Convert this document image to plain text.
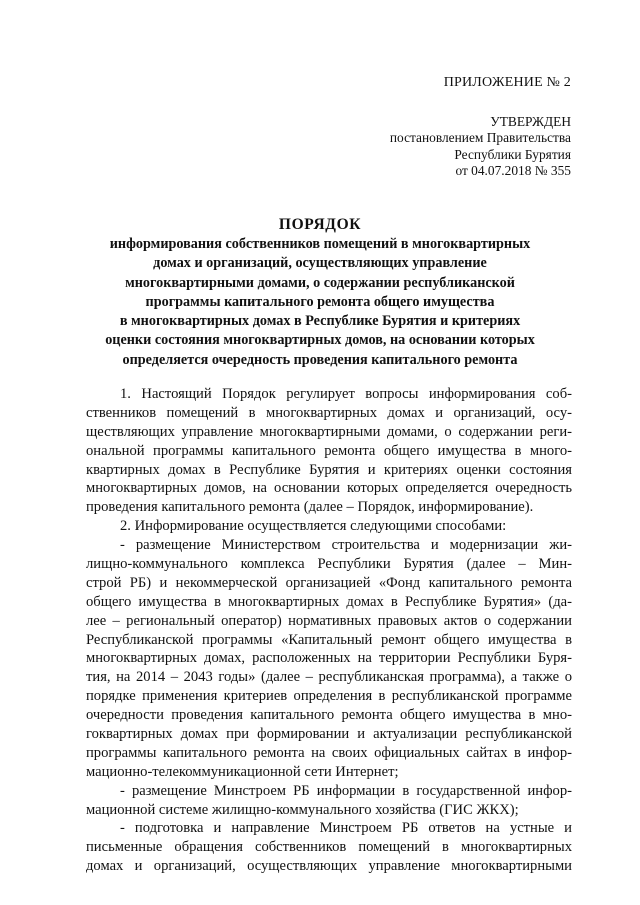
ПРИЛОЖЕНИЕ № 2
УТВЕРЖДЕН
постановлением Правительства
Республики Бурятия
от 04.07.2018 № 355
ПОРЯДОК
информирования собственников помещений в многоквартирных
домах и организаций, осуществляющих управление
многоквартирными домами, о содержании республиканской
программы капитального ремонта общего имущества
в многоквартирных домах в Республике Бурятия и критериях
оценки состояния многоквартирных домов, на основании которых
определяется очередность проведения капитального ремонта
1. Настоящий Порядок регулирует вопросы информирования соб-
ственников помещений в многоквартирных домах и организаций, осу-
ществляющих управление многоквартирными домами, о содержании реги-
ональной программы капитального ремонта общего имущества в много-
квартирных домах в Республике Бурятия и критериях оценки состояния
многоквартирных домов, на основании которых определяется очередность
проведения капитального ремонта (далее – Порядок, информирование).
2. Информирование осуществляется следующими способами:
- размещение Министерством строительства и модернизации жи-
лищно-коммунального комплекса Республики Бурятия (далее – Мин-
строй РБ) и некоммерческой организацией «Фонд капитального ремонта
общего имущества в многоквартирных домах в Республике Бурятия» (да-
лее – региональный оператор) нормативных правовых актов о содержании
Республиканской программы «Капитальный ремонт общего имущества в
многоквартирных домах, расположенных на территории Республики Буря-
тия, на 2014 – 2043 годы» (далее – республиканская программа), а также о
порядке применения критериев определения в республиканской программе
очередности проведения капитального ремонта общего имущества в мно-
гоквартирных домах при формировании и актуализации республиканской
программы капитального ремонта на своих официальных сайтах в инфор-
мационно-телекоммуникационной сети Интернет;
- размещение Минстроем РБ информации в государственной инфор-
мационной системе жилищно-коммунального хозяйства (ГИС ЖКХ);
- подготовка и направление Минстроем РБ ответов на устные и
письменные обращения собственников помещений в многоквартирных
домах и организаций, осуществляющих управление многоквартирными
